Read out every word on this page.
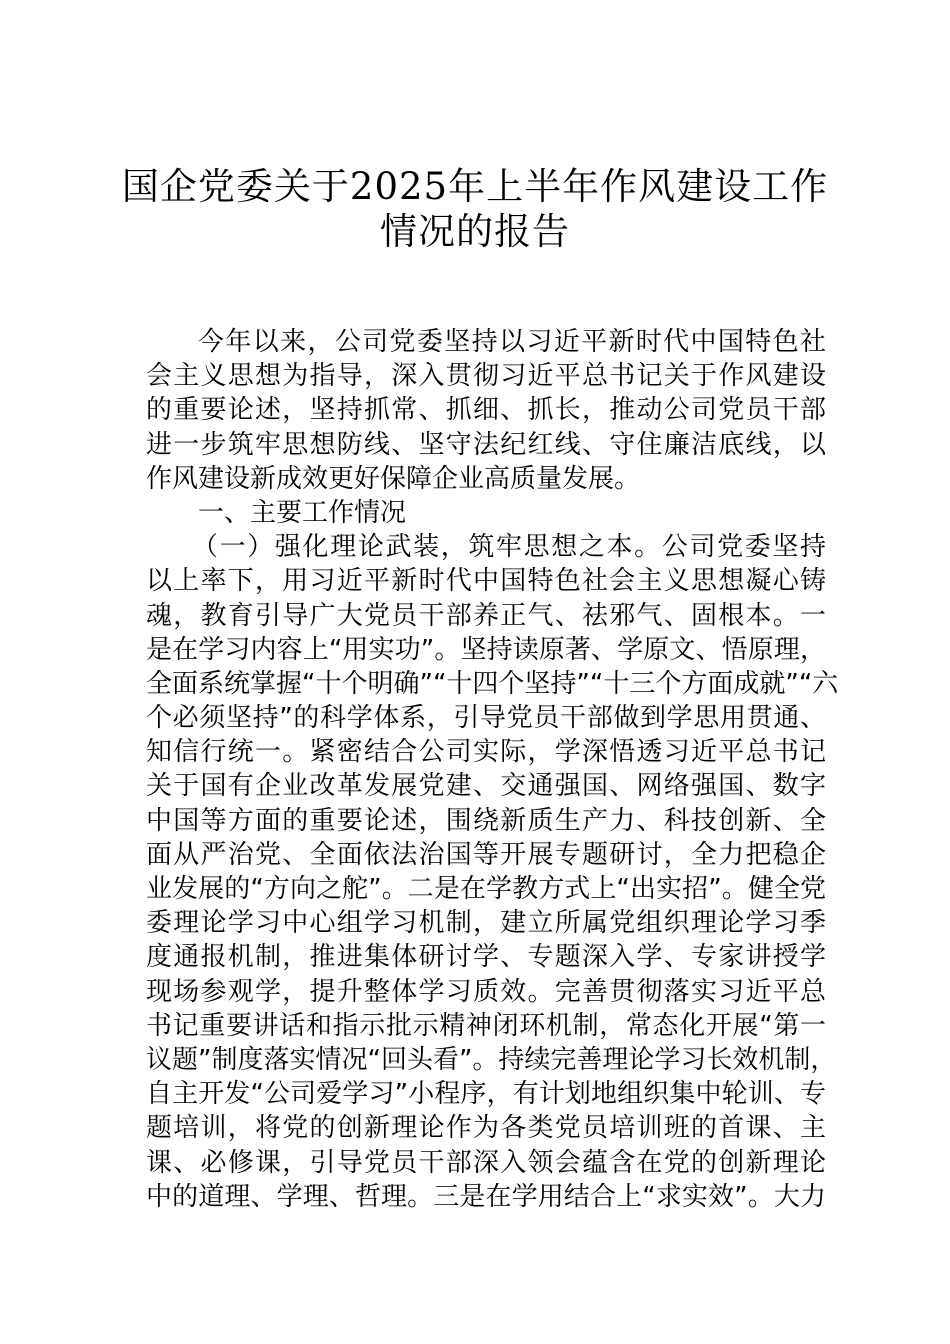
国企党委关于2025年上半年作风建设工作
情况的报告
今年以来，公司党委坚持以习近平新时代中国特色社
会主义思想为指导，深入贯彻习近平总书记关于作风建设
的重要论述，坚持抓常、抓细、抓长，推动公司党员干部
进一步筑牢思想防线、坚守法纪红线、守住廉洁底线，以
作风建设新成效更好保障企业高质量发展。
一、主要工作情况
（一）强化理论武装，筑牢思想之本。公司党委坚持
以上率下，用习近平新时代中国特色社会主义思想凝心铸
魂，教育引导广大党员干部养正气、祛邪气、固根本。一
是在学习内容上“用实功”。坚持读原著、学原文、悟原理，
全面系统掌握“十个明确”“十四个坚持”“十三个方面成就”“六
个必须坚持”的科学体系，引导党员干部做到学思用贯通、
知信行统一。紧密结合公司实际，学深悟透习近平总书记
关于国有企业改革发展党建、交通强国、网络强国、数字
中国等方面的重要论述，围绕新质生产力、科技创新、全
面从严治党、全面依法治国等开展专题研讨，全力把稳企
业发展的“方向之舵”。二是在学教方式上“出实招”。健全党
委理论学习中心组学习机制，建立所属党组织理论学习季
度通报机制，推进集体研讨学、专题深入学、专家讲授学
现场参观学，提升整体学习质效。完善贯彻落实习近平总
书记重要讲话和指示批示精神闭环机制，常态化开展“第一
议题”制度落实情况“回头看”。持续完善理论学习长效机制，
自主开发“公司爱学习”小程序，有计划地组织集中轮训、专
题培训，将党的创新理论作为各类党员培训班的首课、主
课、必修课，引导党员干部深入领会蕴含在党的创新理论
中的道理、学理、哲理。三是在学用结合上“求实效”。大力
